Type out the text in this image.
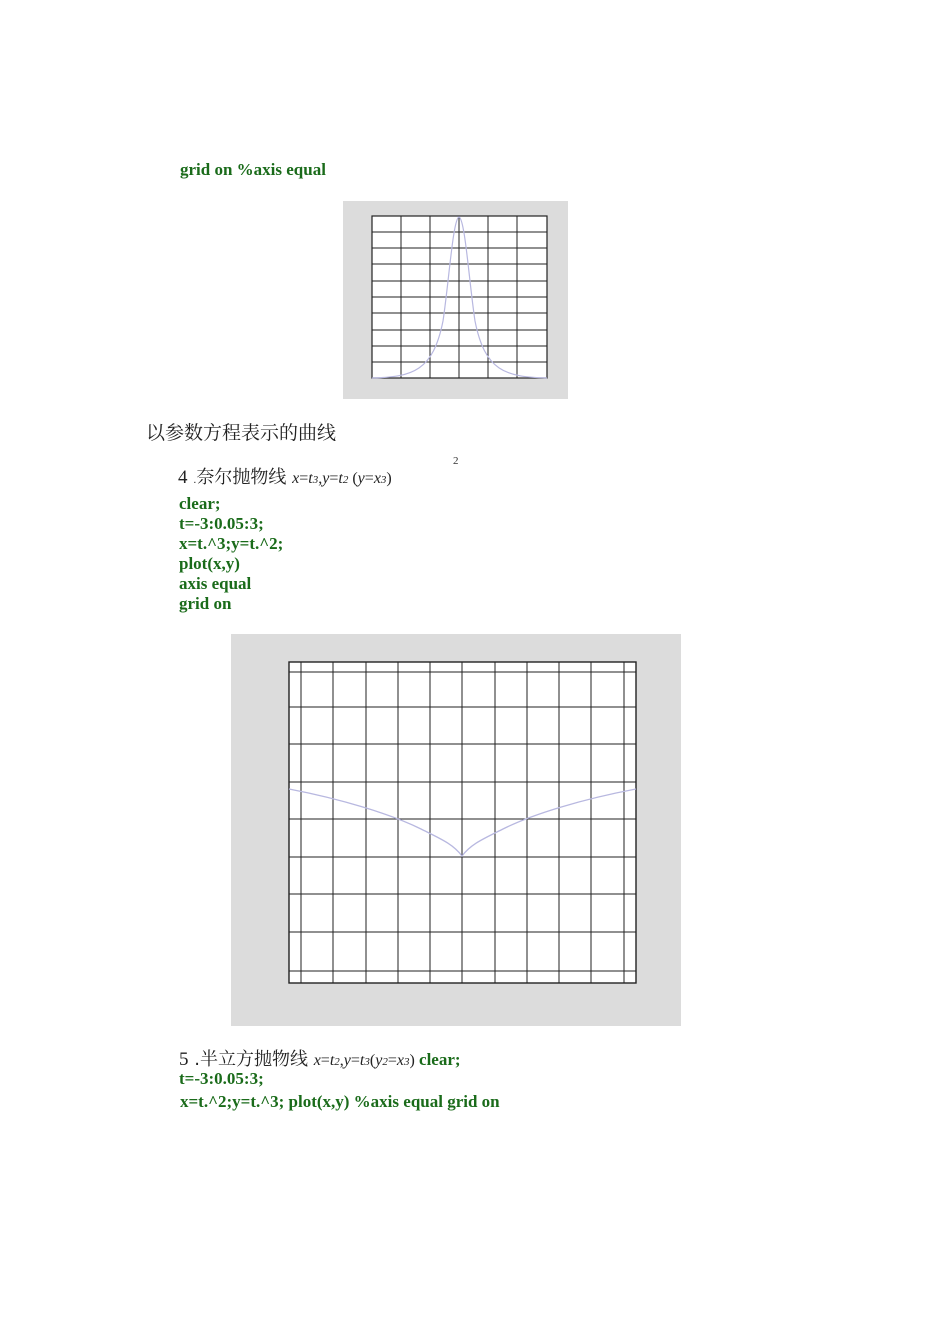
grid on %axis equal
以参数方程表示的曲线
4 .奈尔抛物线 x=t3,y=t2 (y=x3)
2
clear;
t=-3:0.05:3;
x=t.^3;y=t.^2;
plot(x,y)
axis equal
grid on
5 .半立方抛物线 x=t2,y=t3(y2=x3) clear;
t=-3:0.05:3;
x=t.^2;y=t.^3; plot(x,y) %axis equal grid on
